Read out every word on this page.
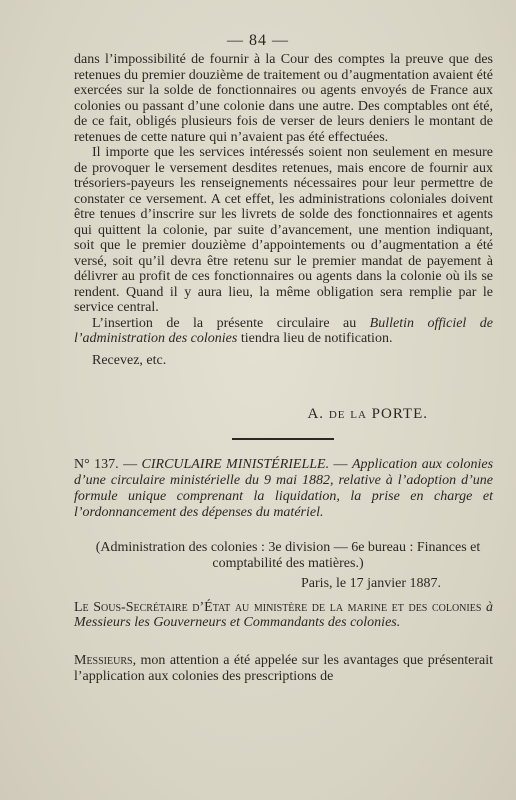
— 84 —

dans l’impossibilité de fournir à la Cour des comptes la preuve que des retenues du premier douzième de traitement ou d’augmentation avaient été exercées sur la solde de fonctionnaires ou agents envoyés de France aux colonies ou passant d’une colonie dans une autre. Des comptables ont été, de ce fait, obligés plusieurs fois de verser de leurs deniers le montant de retenues de cette nature qui n’avaient pas été effectuées.

Il importe que les services intéressés soient non seulement en mesure de provoquer le versement desdites retenues, mais encore de fournir aux trésoriers-payeurs les renseignements nécessaires pour leur permettre de constater ce versement. A cet effet, les administrations coloniales doivent être tenues d’inscrire sur les livrets de solde des fonctionnaires et agents qui quittent la colonie, par suite d’avancement, une mention indiquant, soit que le premier douzième d’appointements ou d’augmentation a été versé, soit qu’il devra être retenu sur le premier mandat de payement à délivrer au profit de ces fonctionnaires ou agents dans la colonie où ils se rendent. Quand il y aura lieu, la même obligation sera remplie par le service central.

L’insertion de la présente circulaire au Bulletin officiel de l’administration des colonies tiendra lieu de notification.

Recevez, etc.

A. de la PORTE.
N° 137. — CIRCULAIRE MINISTÉRIELLE. — Application aux colonies d’une circulaire ministérielle du 9 mai 1882, relative à l’adoption d’une formule unique comprenant la liquidation, la prise en charge et l’ordonnancement des dépenses du matériel.
(Administration des colonies : 3e division — 6e bureau : Finances et comptabilité des matières.)
Paris, le 17 janvier 1887.
Le Sous-Secrétaire d’État au ministère de la marine et des colonies à Messieurs les Gouverneurs et Commandants des colonies.
Messieurs, mon attention a été appelée sur les avantages que présenterait l’application aux colonies des prescriptions de
